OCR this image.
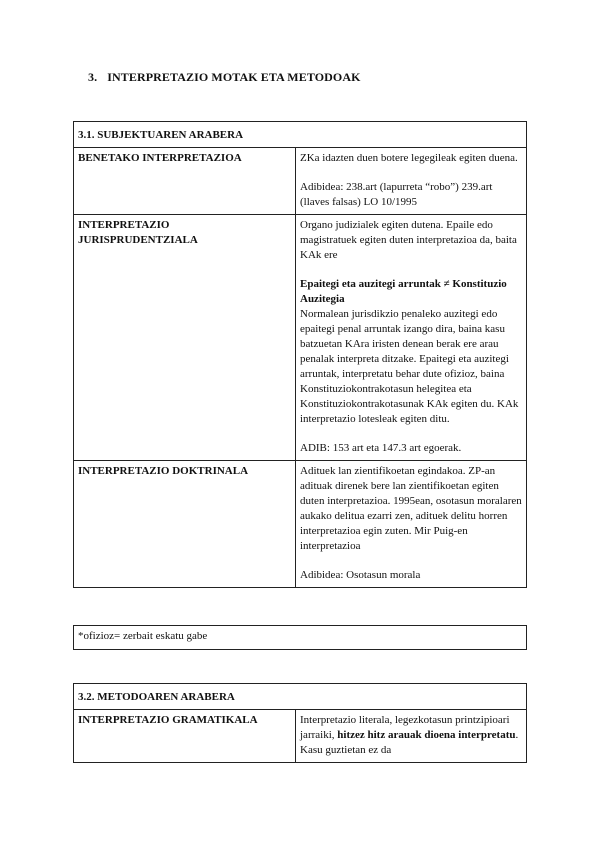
3. INTERPRETAZIO MOTAK ETA METODOAK
3.1. SUBJEKTUAREN ARABERA	
BENETAKO INTERPRETAZIOA	ZKa idazten duen botere legegileak egiten duena.

Adibidea: 238.art (lapurreta “robo”) 239.art (llaves falsas) LO 10/1995

INTERPRETAZIO JURISPRUDENTZIALA	Organo judizialek egiten dutena. Epaile edo magistratuek egiten duten interpretazioa da, baita KAk ere

Epaitegi eta auzitegi arruntak ≠ Konstituzio Auzitegia

Normalean jurisdikzio penaleko auzitegi edo epaitegi penal arruntak izango dira, baina kasu batzuetan KAra iristen denean berak ere arau penalak interpreta ditzake. Epaitegi eta auzitegi arruntak, interpretatu behar dute ofizioz, baina Konstituziokontrakotasun helegitea eta Konstituziokontrakotasunak KAk egiten du. KAk interpretazio lotesleak egiten ditu.

ADIB: 153 art eta 147.3 art egoerak.

INTERPRETAZIO DOKTRINALA	Adituek lan zientifikoetan egindakoa. ZP-an adituak direnek bere lan zientifikoetan egiten duten interpretazioa. 1995ean, osotasun moralaren aukako delitua ezarri zen, adituek delitu horren interpretazioa egin zuten. Mir Puig-en interpretazioa

Adibidea: Osotasun morala

*ofizioz= zerbait eskatu gabe
3.2. METODOAREN ARABERA
INTERPRETAZIO GRAMATIKALA	Interpretazio literala, legezkotasun printzipioari jarraiki, hitzez hitz arauak dioena interpretatu. Kasu guztietan ez da
